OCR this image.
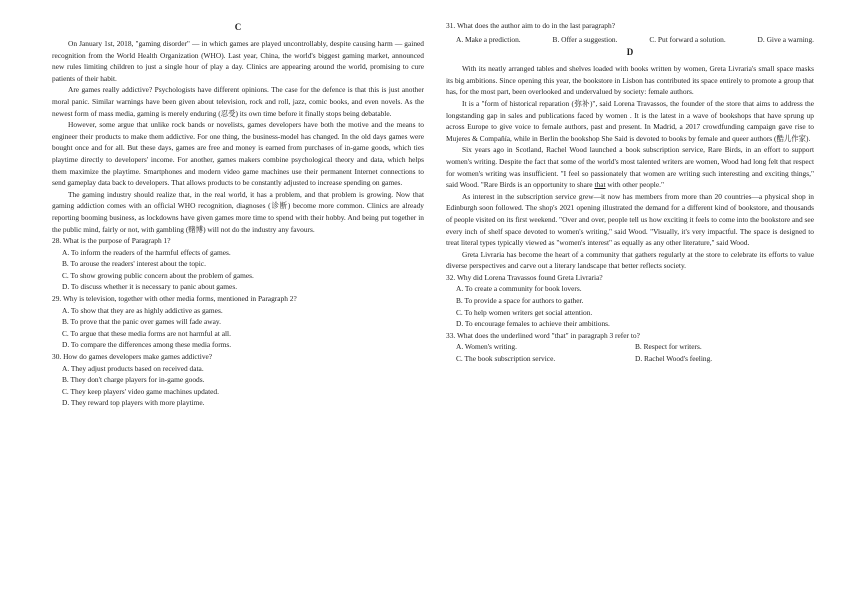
C

On January 1st, 2018, "gaming disorder" — in which games are played uncontrollably, despite causing harm — gained recognition from the World Health Organization (WHO). Last year, China, the world's biggest gaming market, announced new rules limiting children to just a single hour of play a day. Clinics are appearing around the world, promising to cure patients of their habit.

Are games really addictive? Psychologists have different opinions. The case for the defence is that this is just another moral panic. Similar warnings have been given about television, rock and roll, jazz, comic books, and even novels. As the newest form of mass media, gaming is merely enduring (忍受) its own time before it finally stops being debatable.

However, some argue that unlike rock bands or novelists, games developers have both the motive and the means to engineer their products to make them addictive. For one thing, the business-model has changed. In the old days games were bought once and for all. But these days, games are free and money is earned from purchases of in-game goods, which ties playtime directly to developers' income. For another, games makers combine psychological theory and data, which helps them maximize the playtime. Smartphones and modern video game machines use their permanent Internet connections to send gameplay data back to developers. That allows products to be constantly adjusted to increase spending on games.

The gaming industry should realize that, in the real world, it has a problem, and that problem is growing. Now that gaming addiction comes with an official WHO recognition, diagnoses (诊断) become more common. Clinics are already reporting booming business, as lockdowns have given games more time to spend with their hobby. And being put together in the public mind, fairly or not, with gambling (赌博) will not do the industry any favours.

28. What is the purpose of Paragraph 1?

A. To inform the readers of the harmful effects of games.

B. To arouse the readers' interest about the topic.

C. To show growing public concern about the problem of games.

D. To discuss whether it is necessary to panic about games.

29. Why is television, together with other media forms, mentioned in Paragraph 2?

A. To show that they are as highly addictive as games.

B. To prove that the panic over games will fade away.

C. To argue that these media forms are not harmful at all.

D. To compare the differences among these media forms.

30. How do games developers make games addictive?

A. They adjust products based on received data.

B. They don't charge players for in-game goods.

C. They keep players' video game machines updated.

D. They reward top players with more playtime.

31. What does the author aim to do in the last paragraph?

A. Make a prediction.	B. Offer a suggestion.	C. Put forward a solution.	D. Give a warning.
D

With its neatly arranged tables and shelves loaded with books written by women, Greta Livraria's small space masks its big ambitions. Since opening this year, the bookstore in Lisbon has contributed its space entirely to promote a group that has, for the most part, been overlooked and undervalued by society: female authors.

It is a "form of historical reparation (弥补)", said Lorena Travassos, the founder of the store that aims to address the longstanding gap in sales and publications faced by women . It is the latest in a wave of bookshops that have sprung up across Europe to give voice to female authors, past and present. In Madrid, a 2017 crowdfunding campaign gave rise to Mujeres & Compañía, while in Berlin the bookshop She Said is devoted to books by female and queer authors (酷儿作家).

Six years ago in Scotland, Rachel Wood launched a book subscription service, Rare Birds, in an effort to support women's writing. Despite the fact that some of the world's most talented writers are women, Wood had long felt that respect for women's writing was insufficient. "I feel so passionately that women are writing such interesting and exciting things," said Wood. "Rare Birds is an opportunity to share that with other people."

As interest in the subscription service grew—it now has members from more than 20 countries—a physical shop in Edinburgh soon followed. The shop's 2021 opening illustrated the demand for a different kind of bookstore, and thousands of people visited on its first weekend. "Over and over, people tell us how exciting it feels to come into the bookstore and see every inch of shelf space devoted to women's writing," said Wood. "Visually, it's very impactful. The space is designed to treat literal types typically viewed as "women's interest" as equally as any other literature," said Wood.

Greta Livraria has become the heart of a community that gathers regularly at the store to celebrate its efforts to value diverse perspectives and carve out a literary landscape that better reflects society.

32. Why did Lorena Travassos found Greta Livraria?

A. To create a community for book lovers.

B. To provide a space for authors to gather.

C. To help women writers get social attention.

D. To encourage females to achieve their ambitions.

33. What does the underlined word "that" in paragraph 3 refer to?

A. Women's writing.	B. Respect for writers.
C. The book subscription service.	D. Rachel Wood's feeling.
